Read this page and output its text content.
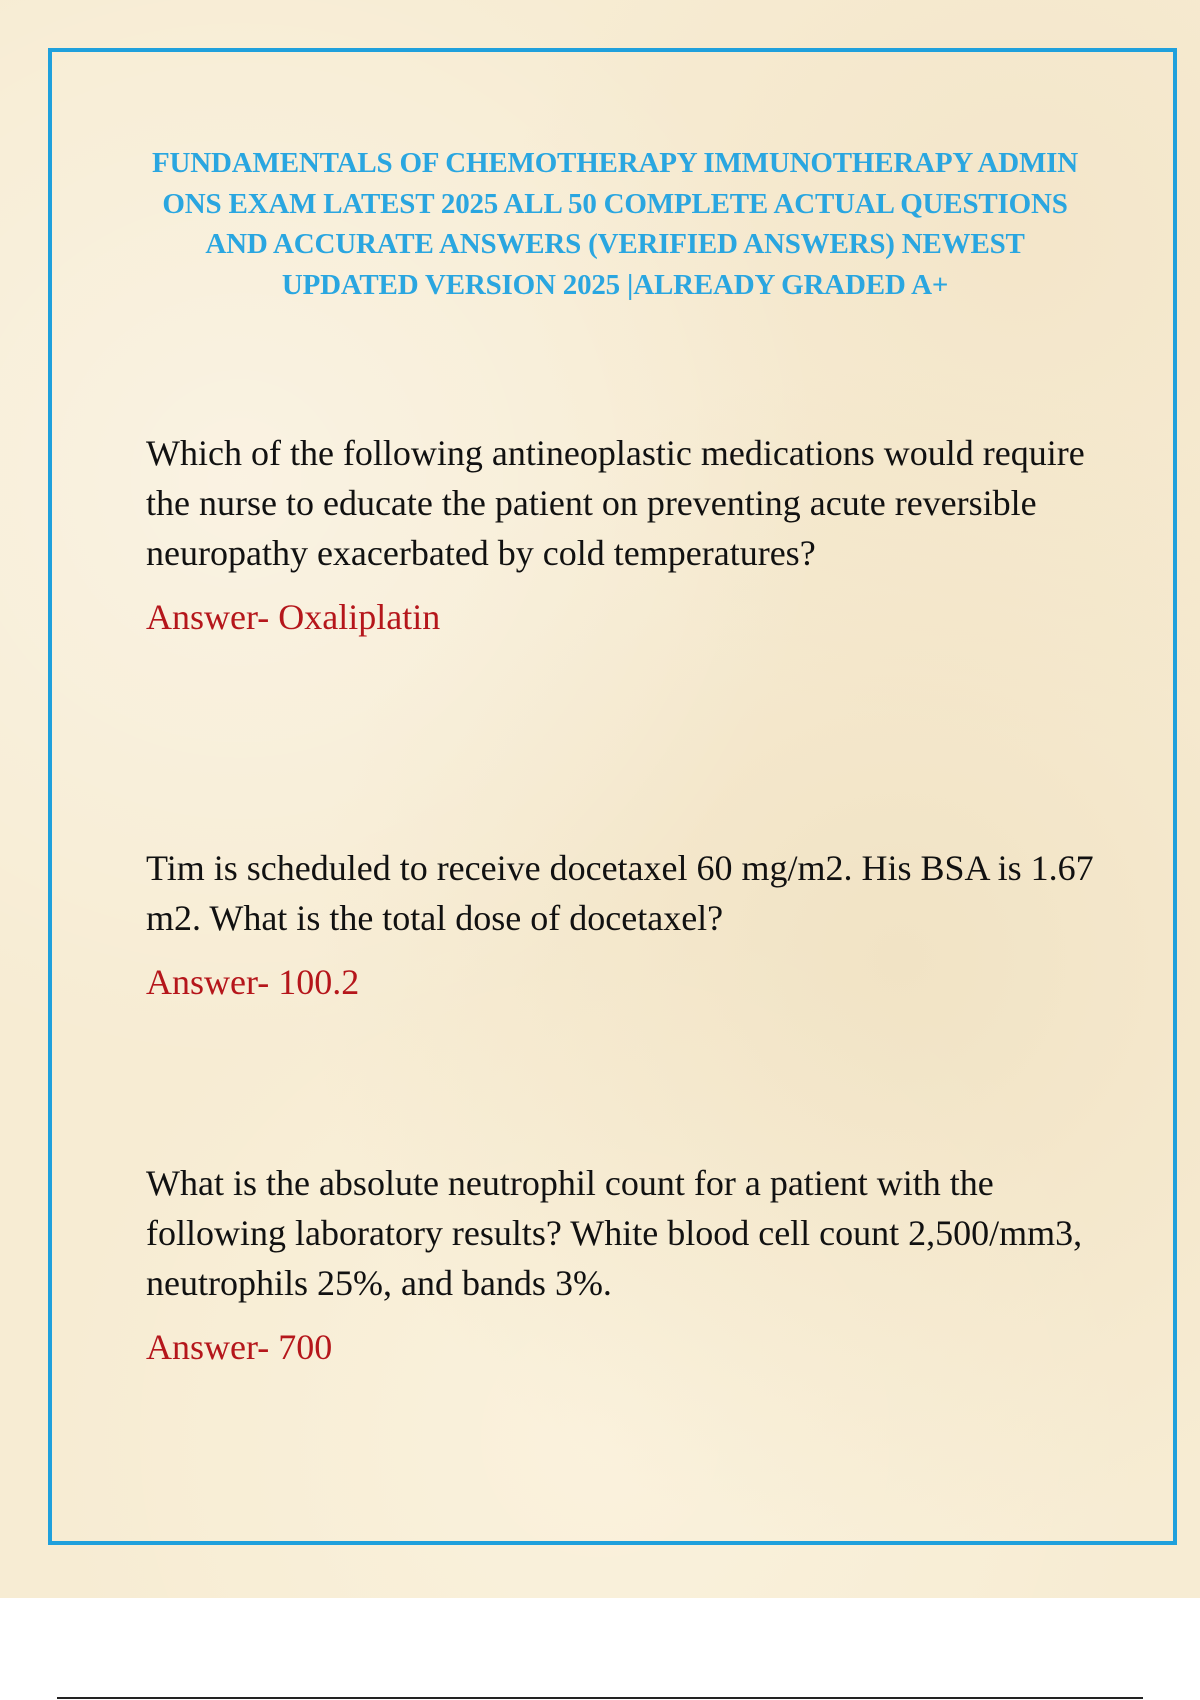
FUNDAMENTALS OF CHEMOTHERAPY IMMUNOTHERAPY ADMIN ONS EXAM LATEST 2025 ALL 50 COMPLETE ACTUAL QUESTIONS AND ACCURATE ANSWERS (VERIFIED ANSWERS) NEWEST UPDATED VERSION 2025 |ALREADY GRADED A+

Which of the following antineoplastic medications would require the nurse to educate the patient on preventing acute reversible neuropathy exacerbated by cold temperatures?

Answer- Oxaliplatin

Tim is scheduled to receive docetaxel 60 mg/m2. His BSA is 1.67 m2. What is the total dose of docetaxel?

Answer- 100.2

What is the absolute neutrophil count for a patient with the following laboratory results? White blood cell count 2,500/mm3, neutrophils 25%, and bands 3%.

Answer- 700
